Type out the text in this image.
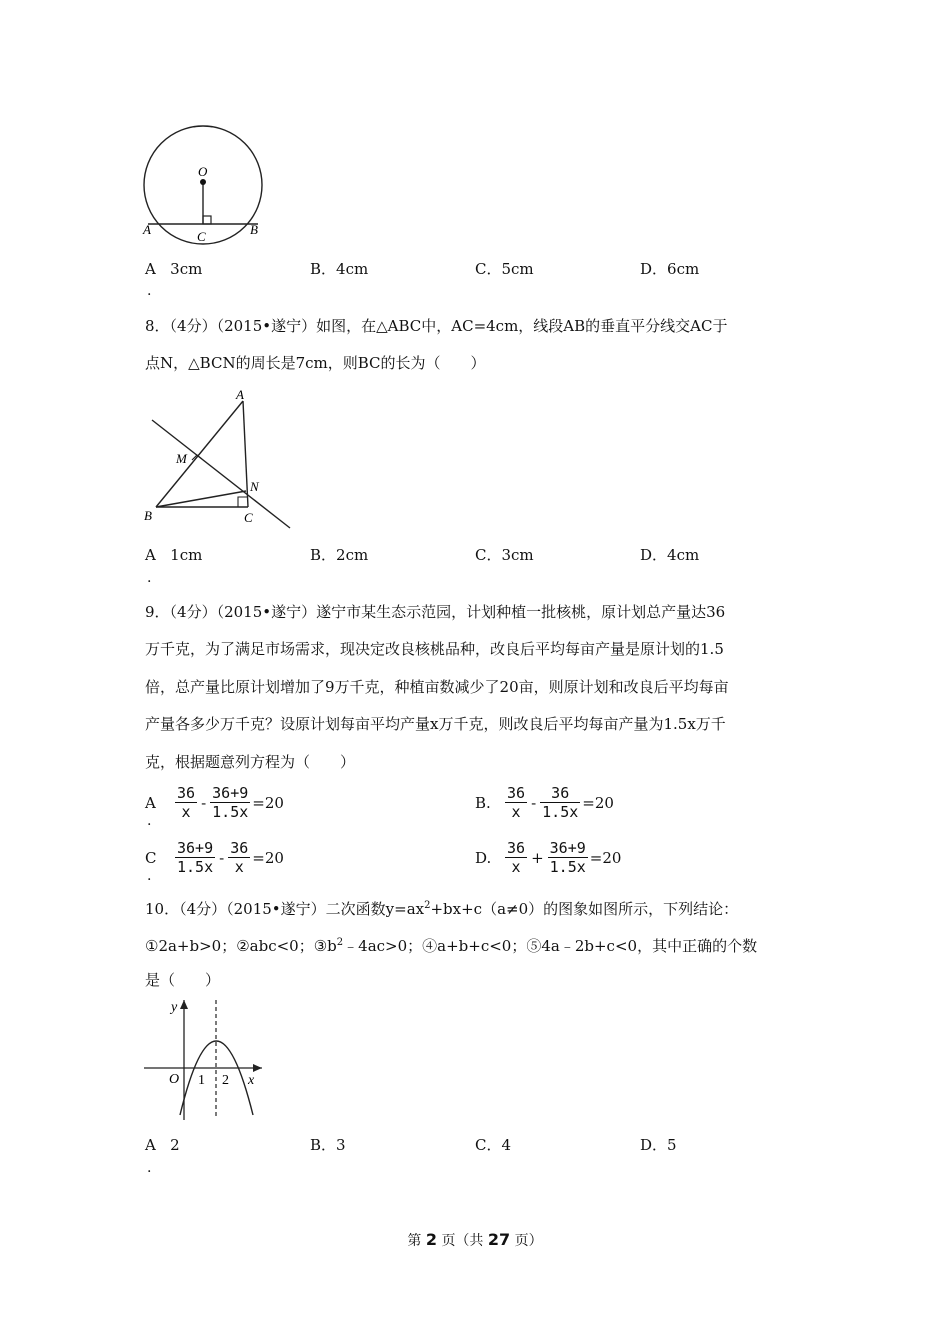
O
A	B
C
A 3cm	B．4cm	C．5cm	D．6cm
.
8．（4分）（2015•遂宁）如图，在△ABC中，AC=4cm，线段AB的垂直平分线交AC于
点N，△BCN的周长是7cm，则BC的长为（　　）
A
M
N
B	C
A 1cm	B．2cm	C．3cm	D．4cm
.
9．（4分）（2015•遂宁）遂宁市某生态示范园，计划种植一批核桃，原计划总产量达36
万千克，为了满足市场需求，现决定改良核桃品种，改良后平均每亩产量是原计划的1.5
倍，总产量比原计划增加了9万千克，种植亩数减少了20亩，则原计划和改良后平均每亩
产量各多少万千克？设原计划每亩平均产量x万千克，则改良后平均每亩产量为1.5x万千
克，根据题意列方程为（　　）
A	$\frac{36}{x} - \frac{36+9}{1.5x} =20$
.
B. $\frac{36}{x} - \frac{36}{1.5x} =20$
C	$\frac{36+9}{1.5x} - \frac{36}{x} =20$
.
D. $\frac{36}{x} + \frac{36+9}{1.5x} =20$
10．（4分）（2015•遂宁）二次函数$y=ax^2+bx+c(a\ne 0)$的图象如图所示，下列结论：
①2a+b>0；②abc<0；$③b^2﹣4ac>0$；④a+b+c<0；⑤4a﹣2b+c<0，其中正确的个数
是（　　）
y
O 1 2 x
A 2	B．3	C．4	D．5
.
第 2 页（共 27 页）
